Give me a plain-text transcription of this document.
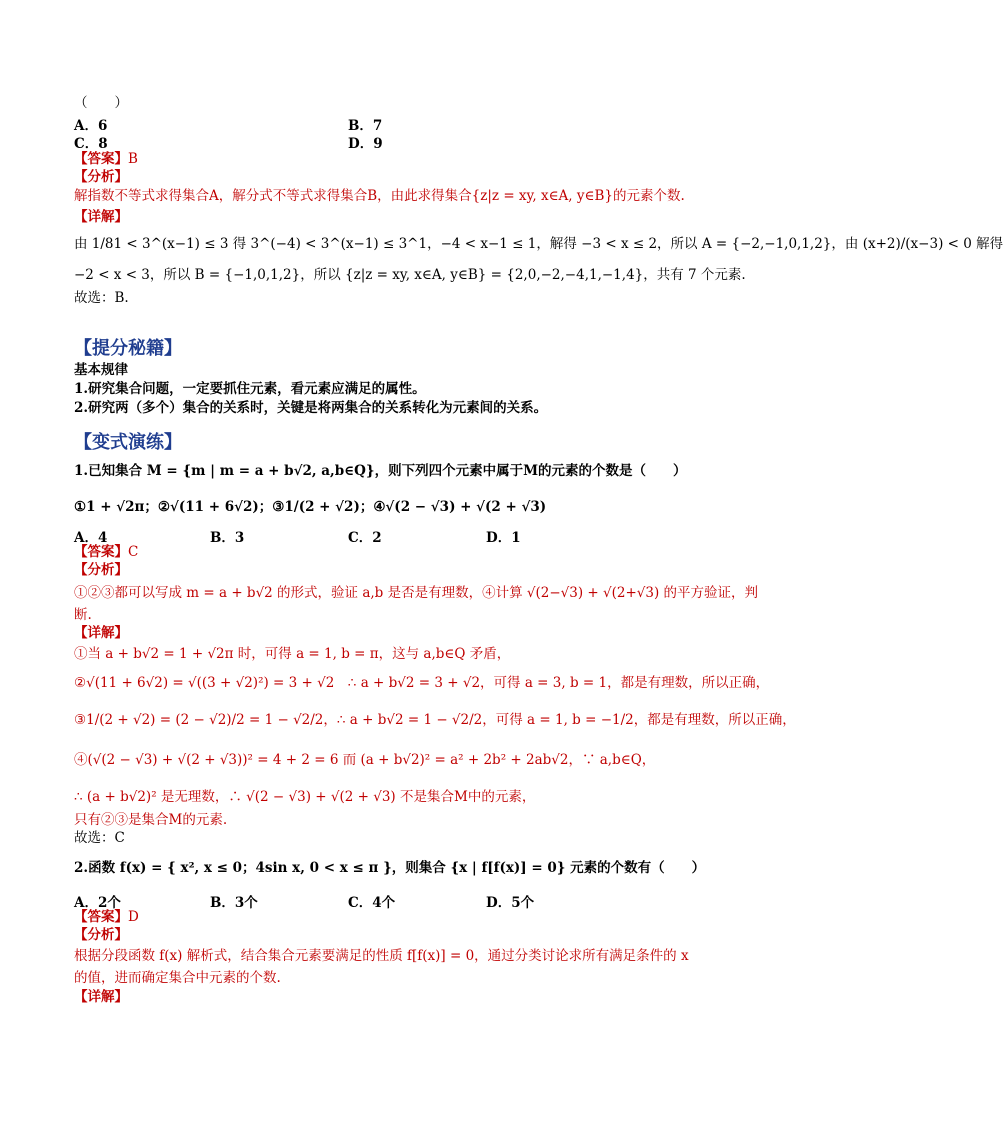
（　　）
A．6	B．7
C．8	D．9
【答案】B
【分析】
解指数不等式求得集合A，解分式不等式求得集合B，由此求得集合{z|z = xy, x∈A, y∈B}的元素个数.
【详解】
由 1/81 < 3^(x−1) ≤ 3 得 3^(−4) < 3^(x−1) ≤ 3^1，−4 < x−1 ≤ 1，解得 −3 < x ≤ 2，所以 A = {−2,−1,0,1,2}，由 (x+2)/(x−3) < 0 解得
−2 < x < 3，所以 B = {−1,0,1,2}，所以 {z|z = xy, x∈A, y∈B} = {2,0,−2,−4,1,−1,4}，共有 7 个元素.
故选：B.
【提分秘籍】
基本规律
1.研究集合问题，一定要抓住元素，看元素应满足的属性。
2.研究两（多个）集合的关系时，关键是将两集合的关系转化为元素间的关系。
【变式演练】
1.已知集合 M = {m | m = a + b√2, a,b∈Q}，则下列四个元素中属于M的元素的个数是（　　）
①1 + √2π；②√(11 + 6√2)；③1/(2 + √2)；④√(2 − √3) + √(2 + √3)
A．4	B．3	C．2	D．1
【答案】C
【分析】
①②③都可以写成 m = a + b√2 的形式，验证 a,b 是否是有理数，④计算 √(2−√3) + √(2+√3) 的平方验证，判
断.
【详解】
①当 a + b√2 = 1 + √2π 时，可得 a = 1, b = π，这与 a,b∈Q 矛盾，
②√(11 + 6√2) = √((3 + √2)²) = 3 + √2　∴ a + b√2 = 3 + √2，可得 a = 3, b = 1，都是有理数，所以正确，
③1/(2 + √2) = (2 − √2)/2 = 1 − √2/2，∴ a + b√2 = 1 − √2/2，可得 a = 1, b = −1/2，都是有理数，所以正确，
④(√(2 − √3) + √(2 + √3))² = 4 + 2 = 6 而 (a + b√2)² = a² + 2b² + 2ab√2，∵ a,b∈Q，
∴ (a + b√2)² 是无理数，∴ √(2 − √3) + √(2 + √3) 不是集合M中的元素，
只有②③是集合M的元素.
故选：C
2.函数 f(x) = { x², x ≤ 0；4sin x, 0 < x ≤ π }，则集合 {x | f[f(x)] = 0} 元素的个数有（　　）
A．2个	B．3个	C．4个	D．5个
【答案】D
【分析】
根据分段函数 f(x) 解析式，结合集合元素要满足的性质 f[f(x)] = 0，通过分类讨论求所有满足条件的 x
的值，进而确定集合中元素的个数.
【详解】
